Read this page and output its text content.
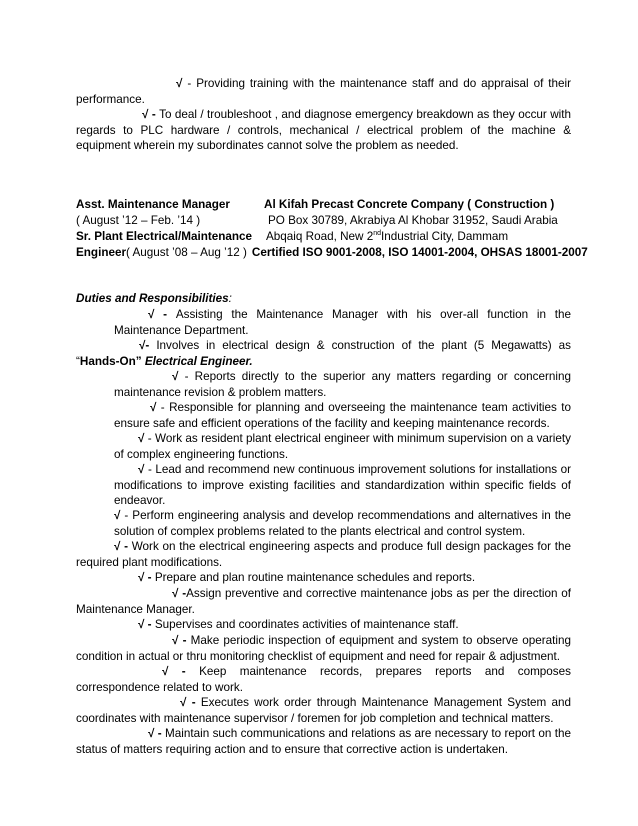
√ - Providing training with the maintenance staff and do appraisal of their performance.

√ - To deal / troubleshoot , and diagnose emergency breakdown as they occur with regards to PLC hardware / controls, mechanical / electrical problem of the machine & equipment wherein my subordinates cannot solve the problem as needed.

Asst. Maintenance Manager	Al Kifah Precast Concrete Company ( Construction )
( August ’12 – Feb. ’14 )	PO Box 30789, Akrabiya Al Khobar 31952, Saudi Arabia
Sr. Plant Electrical/Maintenance Abqaiq Road, New 2ndIndustrial City, Dammam
Engineer( August ’08 – Aug ’12 ) Certified ISO 9001-2008, ISO 14001-2004, OHSAS 18001-2007
Duties and Responsibilities:

√ - Assisting the Maintenance Manager with his over-all function in the Maintenance Department.

√- Involves in electrical design & construction of the plant (5 Megawatts) as “Hands-On” Electrical Engineer.

√ - Reports directly to the superior any matters regarding or concerning maintenance revision & problem matters.

√ - Responsible for planning and overseeing the maintenance team activities to ensure safe and efficient operations of the facility and keeping maintenance records.

√ - Work as resident plant electrical engineer with minimum supervision on a variety of complex engineering functions.

√ - Lead and recommend new continuous improvement solutions for installations or modifications to improve existing facilities and standardization within specific fields of endeavor.

√ - Perform engineering analysis and develop recommendations and alternatives in the solution of complex problems related to the plants electrical and control system.

√ - Work on the electrical engineering aspects and produce full design packages for the required plant modifications.

√ - Prepare and plan routine maintenance schedules and reports.

√ -Assign preventive and corrective maintenance jobs as per the direction of Maintenance Manager.

√ - Supervises and coordinates activities of maintenance staff.

√ - Make periodic inspection of equipment and system to observe operating condition in actual or thru monitoring checklist of equipment and need for repair & adjustment.

√ - Keep maintenance records, prepares reports and composes correspondence related to work.

√ - Executes work order through Maintenance Management System and coordinates with maintenance supervisor / foremen for job completion and technical matters.

√ - Maintain such communications and relations as are necessary to report on the status of matters requiring action and to ensure that corrective action is undertaken.
